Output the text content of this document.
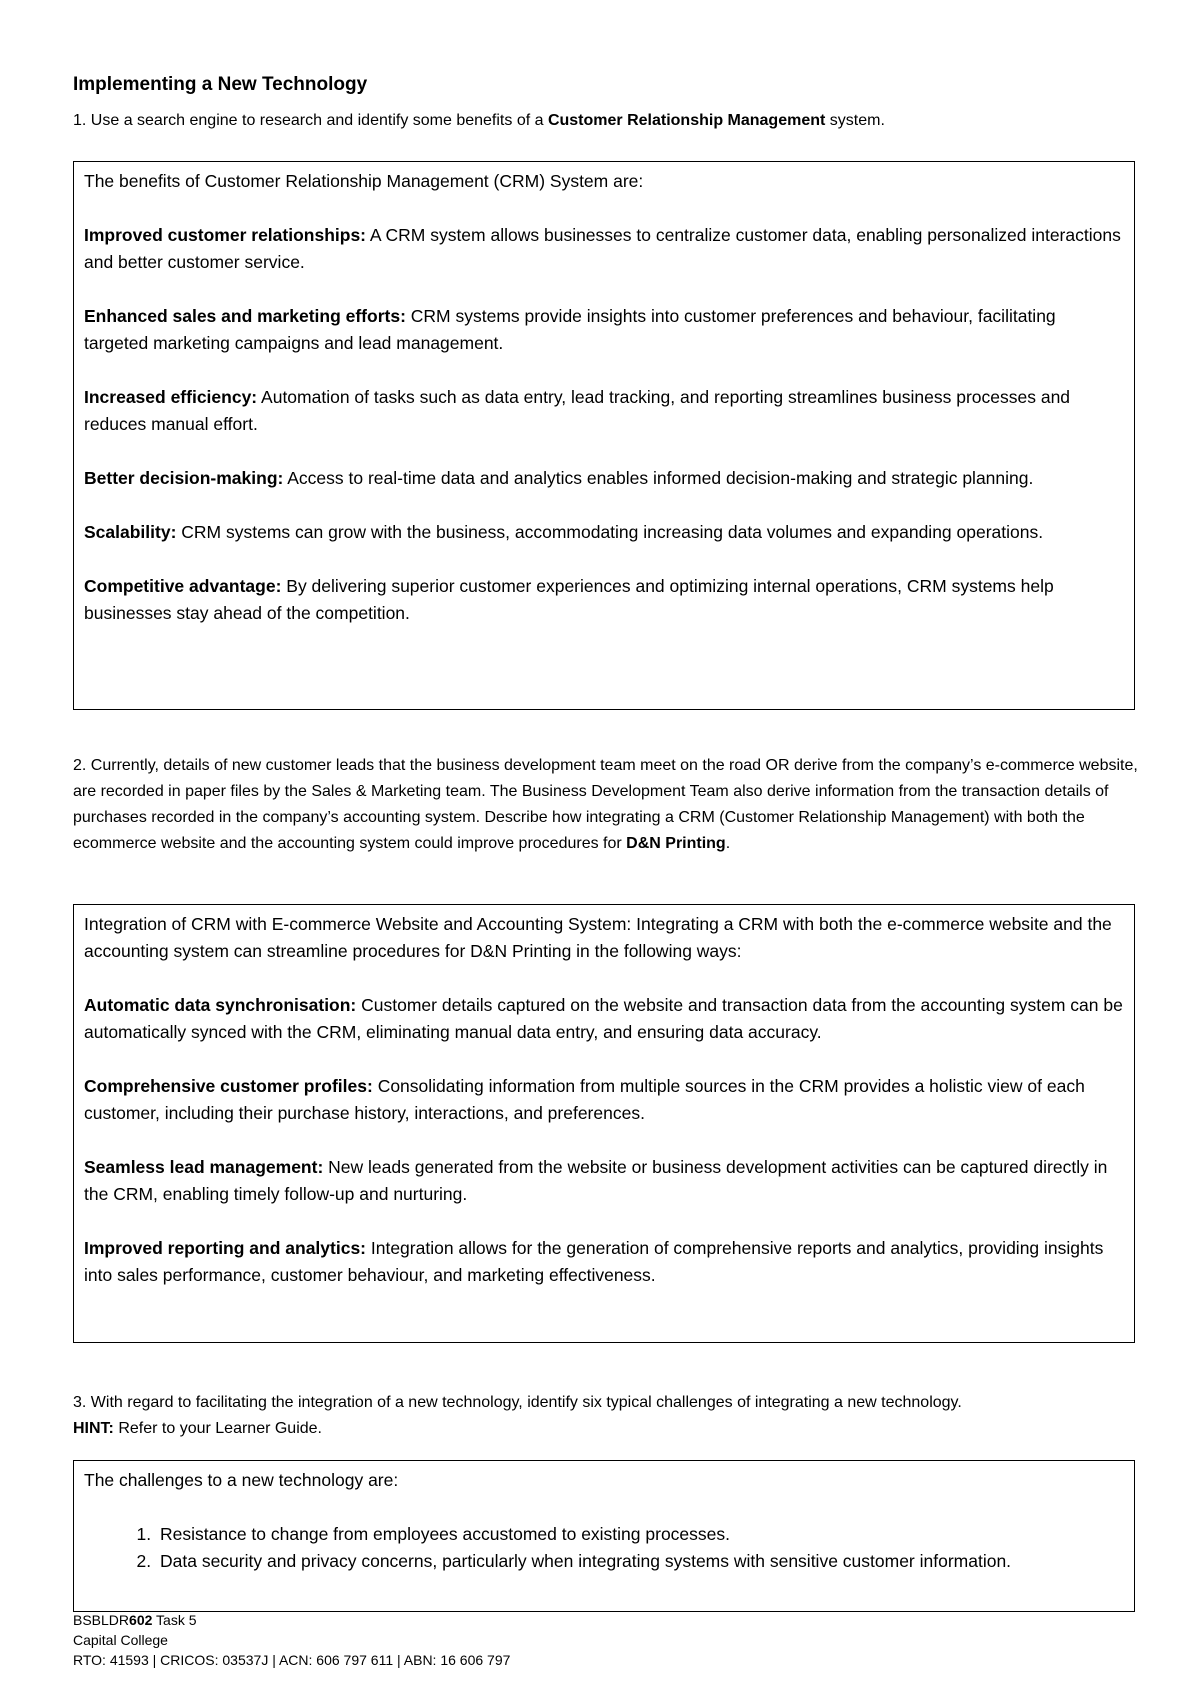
Implementing a New Technology

1. Use a search engine to research and identify some benefits of a Customer Relationship Management system.

The benefits of Customer Relationship Management (CRM) System are:

Improved customer relationships: A CRM system allows businesses to centralize customer data, enabling personalized interactions and better customer service.

Enhanced sales and marketing efforts: CRM systems provide insights into customer preferences and behaviour, facilitating targeted marketing campaigns and lead management.

Increased efficiency: Automation of tasks such as data entry, lead tracking, and reporting streamlines business processes and reduces manual effort.

Better decision-making: Access to real-time data and analytics enables informed decision-making and strategic planning.

Scalability: CRM systems can grow with the business, accommodating increasing data volumes and expanding operations.

Competitive advantage: By delivering superior customer experiences and optimizing internal operations, CRM systems help businesses stay ahead of the competition.

2. Currently, details of new customer leads that the business development team meet on the road OR derive from the company’s e-commerce website, are recorded in paper files by the Sales & Marketing team. The Business Development Team also derive information from the transaction details of purchases recorded in the company’s accounting system. Describe how integrating a CRM (Customer Relationship Management) with both the ecommerce website and the accounting system could improve procedures for D&N Printing.

Integration of CRM with E-commerce Website and Accounting System: Integrating a CRM with both the e-commerce website and the accounting system can streamline procedures for D&N Printing in the following ways:

Automatic data synchronisation: Customer details captured on the website and transaction data from the accounting system can be automatically synced with the CRM, eliminating manual data entry, and ensuring data accuracy.

Comprehensive customer profiles: Consolidating information from multiple sources in the CRM provides a holistic view of each customer, including their purchase history, interactions, and preferences.

Seamless lead management: New leads generated from the website or business development activities can be captured directly in the CRM, enabling timely follow-up and nurturing.

Improved reporting and analytics: Integration allows for the generation of comprehensive reports and analytics, providing insights into sales performance, customer behaviour, and marketing effectiveness.

3. With regard to facilitating the integration of a new technology, identify six typical challenges of integrating a new technology.
HINT: Refer to your Learner Guide.

The challenges to a new technology are:

1. Resistance to change from employees accustomed to existing processes.
2. Data security and privacy concerns, particularly when integrating systems with sensitive customer information.
BSBLDR602 Task 5
Capital College
RTO: 41593 | CRICOS: 03537J | ACN: 606 797 611 | ABN: 16 606 797
